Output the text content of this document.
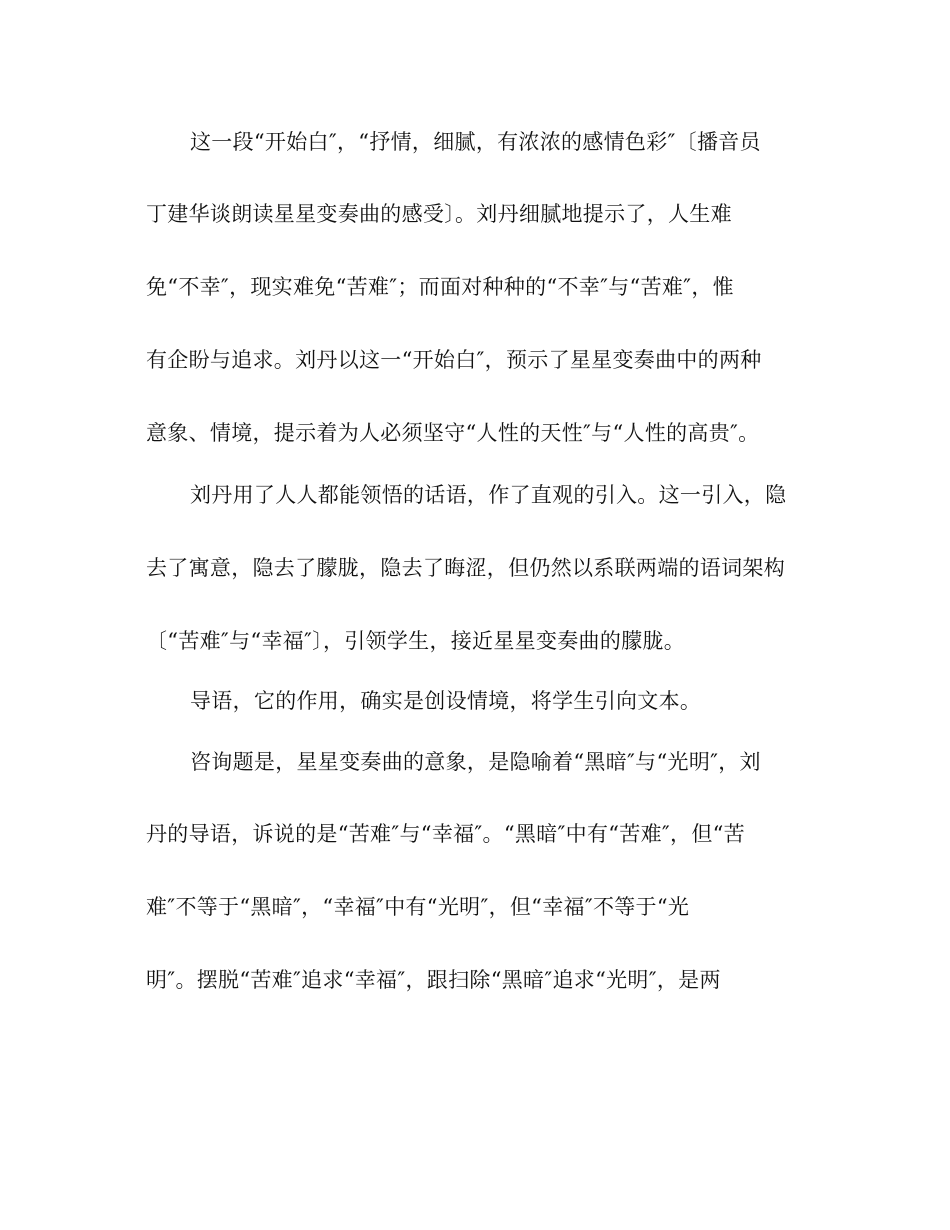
这一段“开始白″，“抒情，细腻，有浓浓的感情色彩″〔播音员
丁建华谈朗读星星变奏曲的感受〕。刘丹细腻地提示了，人生难
免“不幸″，现实难免“苦难″；而面对种种的“不幸″与“苦难″，惟
有企盼与追求。刘丹以这一“开始白″，预示了星星变奏曲中的两种
意象、情境，提示着为人必须坚守“人性的天性″与“人性的高贵″。
刘丹用了人人都能领悟的话语，作了直观的引入。这一引入，隐
去了寓意，隐去了朦胧，隐去了晦涩，但仍然以系联两端的语词架构
〔“苦难″与“幸福″〕，引领学生，接近星星变奏曲的朦胧。
导语，它的作用，确实是创设情境，将学生引向文本。
咨询题是，星星变奏曲的意象，是隐喻着“黑暗″与“光明″，刘
丹的导语，诉说的是“苦难″与“幸福″。“黑暗″中有“苦难″，但“苦
难″不等于“黑暗″，“幸福″中有“光明″，但“幸福″不等于“光
明″。摆脱“苦难″追求“幸福″，跟扫除“黑暗″追求“光明″，是两
